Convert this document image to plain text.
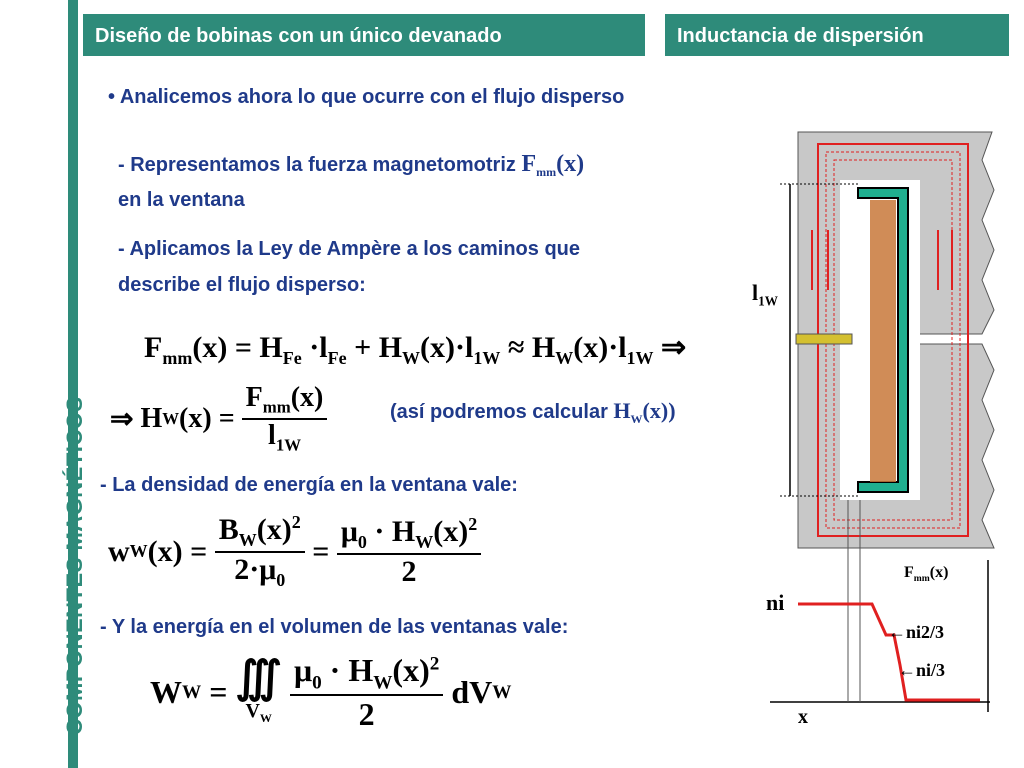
COMPONENTES MAGNÉTICOS
Diseño de bobinas con un único devanado	Inductancia de dispersión
• Analicemos ahora lo que ocurre con el flujo disperso
- Representamos la fuerza magnetomotriz $F_{mm}(x)$
en la ventana
- Aplicamos la Ley de Ampère a los caminos que
describe el flujo disperso:
$F_{mm}(x) = H_{Fe} \cdot l_{Fe} + H_W(x)\cdot l_{1W} \approx H_W(x)\cdot l_{1W}$ ⇒
⇒
H W (x)
=
$\frac{F_{mm}(x)}{l_{1W}}$	(así podremos calcular $H_W(x)$)
- La densidad de energía en la ventana vale:
w W (x)
=
$\frac{B_W(x)^2}{2\cdot\mu_0}$
=
$\frac{\mu_0 \cdot H_W(x)^2}{2}$
- Y la energía en el volumen de las ventanas vale:
W W
=
∭
$V_W$
$\frac{\mu_0 \cdot H_W(x)^2}{2}$
dV W
$l_{1W}$
$F_{mm}(x)$
ni
←ni2/3
←ni/3
x
